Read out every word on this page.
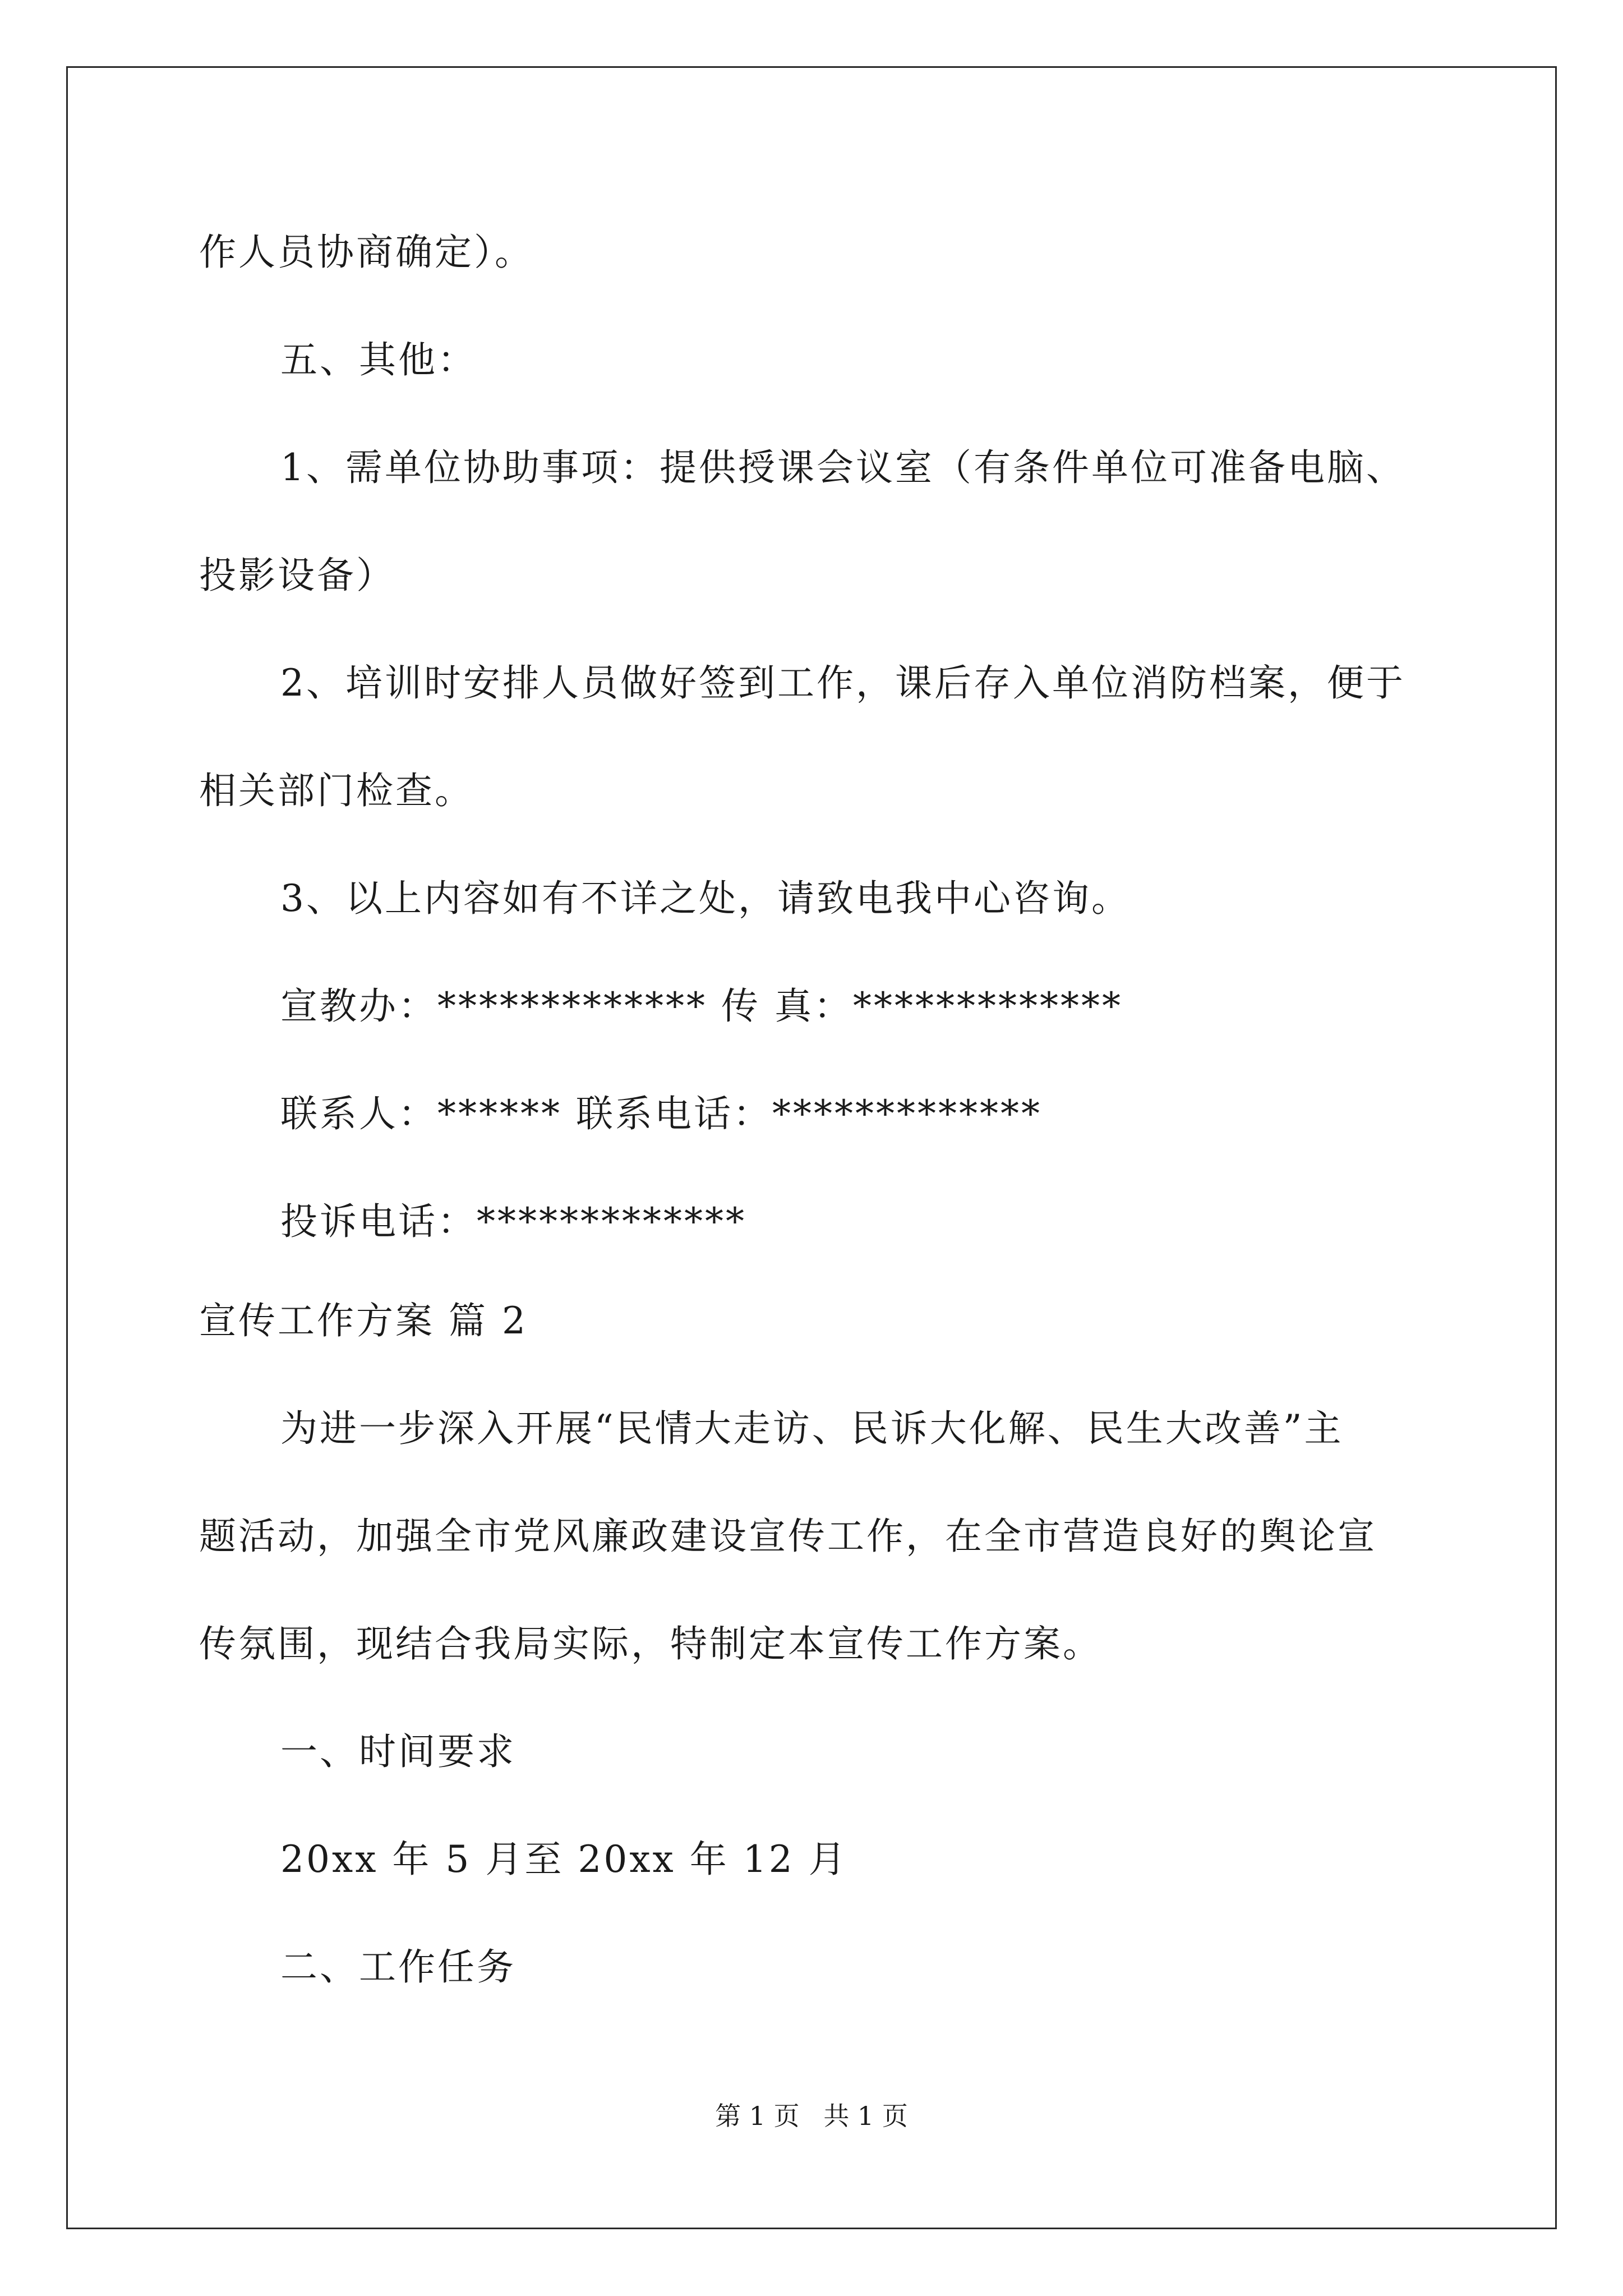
作人员协商确定）。
五、其他：
1、需单位协助事项：提供授课会议室（有条件单位可准备电脑、
投影设备）
2、培训时安排人员做好签到工作，课后存入单位消防档案，便于
相关部门检查。
3、以上内容如有不详之处，请致电我中心咨询。
宣教办：************* 传 真：*************
联系人：****** 联系电话：*************
投诉电话：*************
宣传工作方案 篇 2
为进一步深入开展“民情大走访、民诉大化解、民生大改善”主
题活动，加强全市党风廉政建设宣传工作，在全市营造良好的舆论宣
传氛围，现结合我局实际，特制定本宣传工作方案。
一、时间要求
20xx 年 5 月至 20xx 年 12 月
二、工作任务
第 1 页 共 1 页
